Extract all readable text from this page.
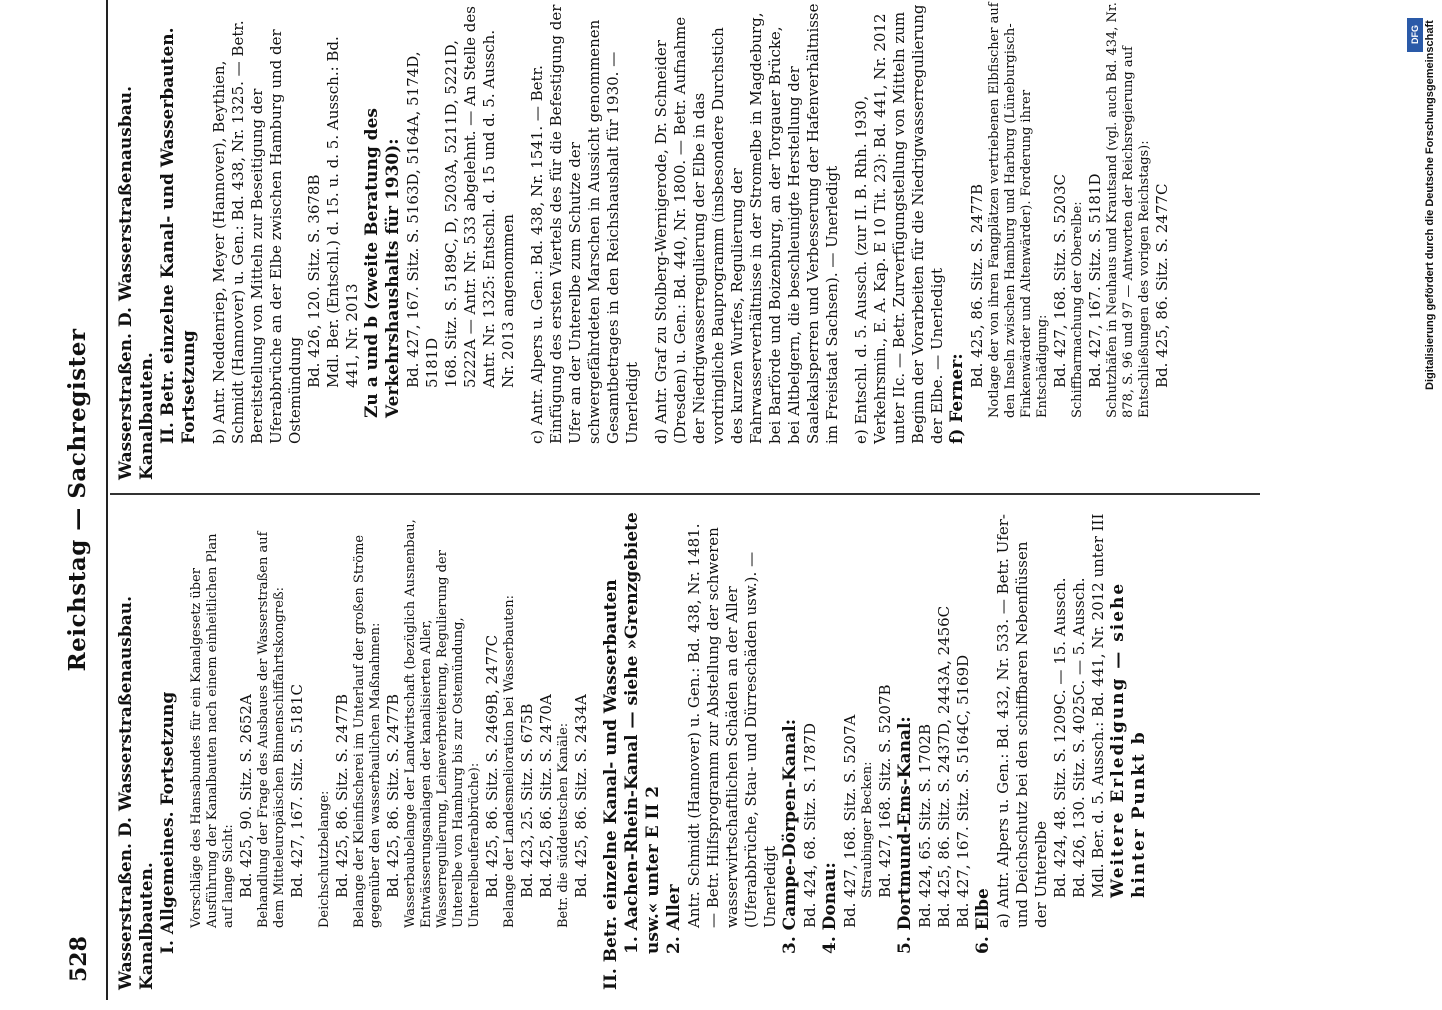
528
Reichstag — Sachregister
Wasserstraßen. D. Wasserstraßenausbau. Kanalbauten. I. Allgemeines. Fortsetzung Vorschläge des Hansabundes für ein Kanalgesetz über Ausführung der Kanalbauten nach einem einheitlichen Plan auf lange Sicht: Bd. 425, 90. Sitz. S. 2652A Behandlung der Frage des Ausbaues der Wasserstraßen auf dem Mitteleuropäischen Binnenschiffahrtskongreß: Bd. 427, 167. Sitz. S. 5181C Deichschutzbelange: Bd. 425, 86. Sitz. S. 2477B Belange der Kleinfischerei im Unterlauf der großen Ströme gegenüber den wasserbaulichen Maßnahmen: Bd. 425, 86. Sitz. S. 2477B Wasserbaubelange der Landwirtschaft (bezüglich Ausnenbau, Entwässerungsanlagen der kanalisierten Aller, Wasserregulierung, Leineverbreiterung, Regulierung der Unterelbe von Hamburg bis zur Ostemündung, Unterelbeuferabbrüche): Bd. 425, 86. Sitz. S. 2469B, 2477C Belange der Landesmelioration bei Wasserbauten: Bd. 423, 25. Sitz. S. 675B Bd. 425, 86. Sitz. S. 2470A Betr. die süddeutschen Kanäle: Bd. 425, 86. Sitz. S. 2434A II. Betr. einzelne Kanal- und Wasserbauten 1. Aachen-Rhein-Kanal — siehe »Grenzgebiete usw.« unter E II 2 2. Aller Antr. Schmidt (Hannover) u. Gen.: Bd. 438, Nr. 1481. — Betr. Hilfsprogramm zur Abstellung der schweren wasserwirtschaftlichen Schäden an der Aller (Uferabbrüche, Stau- und Dürreschäden usw.). — Unerledigt 3. Campe-Dörpen-Kanal: Bd. 424, 68. Sitz. S. 1787D 4. Donau: Bd. 427, 168. Sitz. S. 5207A Straubinger Becken: Bd. 427, 168. Sitz. S. 5207B 5. Dortmund-Ems-Kanal: Bd. 424, 65. Sitz. S. 1702B Bd. 425, 86. Sitz. S. 2437D, 2443A, 2456C Bd. 427, 167. Sitz. S. 5164C, 5169D 6. Elbe a) Antr. Alpers u. Gen.: Bd. 432, Nr. 533. — Betr. Ufer- und Deichschutz bei den schiffbaren Nebenflüssen der Unterelbe Bd. 424, 48. Sitz. S. 1209C. — 15. Aussch. Bd. 426, 130. Sitz. S. 4025C. — 5. Aussch. Mdl. Ber. d. 5. Aussch.: Bd. 441, Nr. 2012 unter III Weitere Erledigung — siehe hinter Punkt b
Wasserstraßen. D. Wasserstraßenausbau. Kanalbauten. II. Betr. einzelne Kanal- und Wasserbauten. Fortsetzung b) Antr. Neddenriep, Meyer (Hannover), Beythien, Schmidt (Hannover) u. Gen.: Bd. 438, Nr. 1325. — Betr. Bereitstellung von Mitteln zur Beseitigung der Uferabbrüche an der Elbe zwischen Hamburg und der Ostemündung
Bd. 426, 120. Sitz. S. 3678B Mdl. Ber. (Entschl.) d. 15. u. d. 5. Aussch.: Bd. 441, Nr. 2013 Zu a und b (zweite Beratung des Verkehrshaushalts für 1930): Bd. 427, 167. Sitz. S. 5163D, 5164A, 5174D, 5181D 168. Sitz. S. 5189C, D, 5203A, 5211D, 5221D, 5222A — Antr. Nr. 533 abgelehnt. — An Stelle des Antr. Nr. 1325: Entschl. d. 15 und d. 5. Aussch. Nr. 2013 angenommen c) Antr. Alpers u. Gen.: Bd. 438, Nr. 1541. — Betr. Einfügung des ersten Viertels des für die Befestigung der Ufer an der Unterelbe zum Schutze der schwergefährdeten Marschen in Aussicht genommenen Gesamtbetrages in den Reichshaushalt für 1930. — Unerledigt d) Antr. Graf zu Stolberg-Wernigerode, Dr. Schneider (Dresden) u. Gen.: Bd. 440, Nr. 1800. — Betr. Aufnahme der Niedrigwasserregulierung der Elbe in das vordringliche Bauprogramm (insbesondere Durchstich des kurzen Wurfes, Regulierung der Fahrwasserverhältnisse in der Stromelbe in Magdeburg, bei Barförde und Boizenburg, an der Torgauer Brücke, bei Altbelgern, die beschleunigte Herstellung der Saalekalsperren und Verbesserung der Hafenverhältnisse im Freistaat Sachsen). — Unerledigt e) Entschl. d. 5. Aussch. (zur II. B. Rhh. 1930, Verkehrsmin., E. A. Kap. E 10 Tit. 23): Bd. 441, Nr. 2012 unter IIc. — Betr. Zurverfügungstellung von Mitteln zum Beginn der Vorarbeiten für die Niedrigwasserregulierung der Elbe. — Unerledigt f) Ferner:
Bd. 425, 86. Sitz. S. 2477B Notlage der von ihren Fangplätzen vertriebenen Elbfischer auf den Inseln zwischen Hamburg und Harburg (Lüneburgisch-Finkenwärder und Altenwärder). Forderung ihrer Entschädigung: Bd. 427, 168. Sitz. S. 5203C Schiffbarmachung der Oberelbe: Bd. 427, 167. Sitz. S. 5181D Schutzhäfen in Neuhaus und Krautsand (vgl. auch Bd. 434, Nr. 878, S. 96 und 97 — Antworten der Reichsregierung auf Entschließungen des vorigen Reichstags): Bd. 425, 86. Sitz. S. 2477C
DFG Digitalisierung gefördert durch die Deutsche Forschungsgemeinschaft
